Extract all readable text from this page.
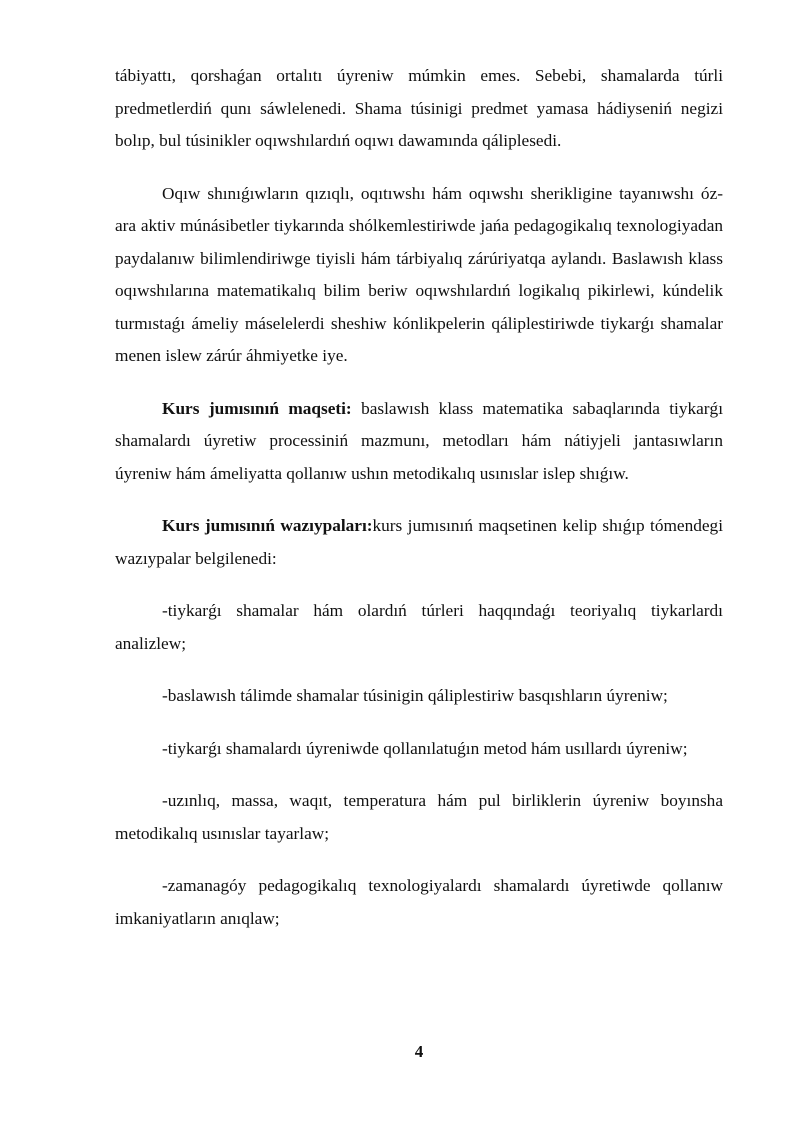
tábiyattı, qorshaǵan ortalıtı úyreniw múmkin emes. Sebebi, shamalarda túrli predmetlerdiń qunı sáwlelenedi. Shama túsinigi predmet yamasa hádiyseniń negizi bolıp, bul túsinikler oqıwshılardıń oqıwı dawamında qáliplesedi.

Oqıw shınıǵıwların qızıqlı, oqıtıwshı hám oqıwshı sherikligine tayanıwshı óz-ara aktiv múnásibetler tiykarında shólkemlestiriwde jańa pedagogikalıq texnologiyadan paydalanıw bilimlendiriwge tiyisli hám tárbiyalıq zárúriyatqa aylandı. Baslawısh klass oqıwshılarına matematikalıq bilim beriw oqıwshılardıń logikalıq pikirlewi, kúndelik turmıstaǵı ámeliy máselelerdi sheshiw kónlikpelerin qáliplestiriwde tiykarǵı shamalar menen islew zárúr áhmiyetke iye.

Kurs jumısınıń maqseti: baslawısh klass matematika sabaqlarında tiykarǵı shamalardı úyretiw processiniń mazmunı, metodları hám nátiyjeli jantasıwların úyreniw hám ámeliyatta qollanıw ushın metodikalıq usınıslar islep shıǵıw.

Kurs jumısınıń wazıypaları:kurs jumısınıń maqsetinen kelip shıǵıp tómendegi wazıypalar belgilenedi:

-tiykarǵı shamalar hám olardıń túrleri haqqındaǵı teoriyalıq tiykarlardı analizlew;

-baslawısh tálimde shamalar túsinigin qáliplestiriw basqıshların úyreniw;

-tiykarǵı shamalardı úyreniwde qollanılatuǵın metod hám usıllardı úyreniw;

-uzınlıq, massa, waqıt, temperatura hám pul birliklerin úyreniw boyınsha metodikalıq usınıslar tayarlaw;

-zamanagóy pedagogikalıq texnologiyalardı shamalardı úyretiwde qollanıw imkaniyatların anıqlaw;

4
